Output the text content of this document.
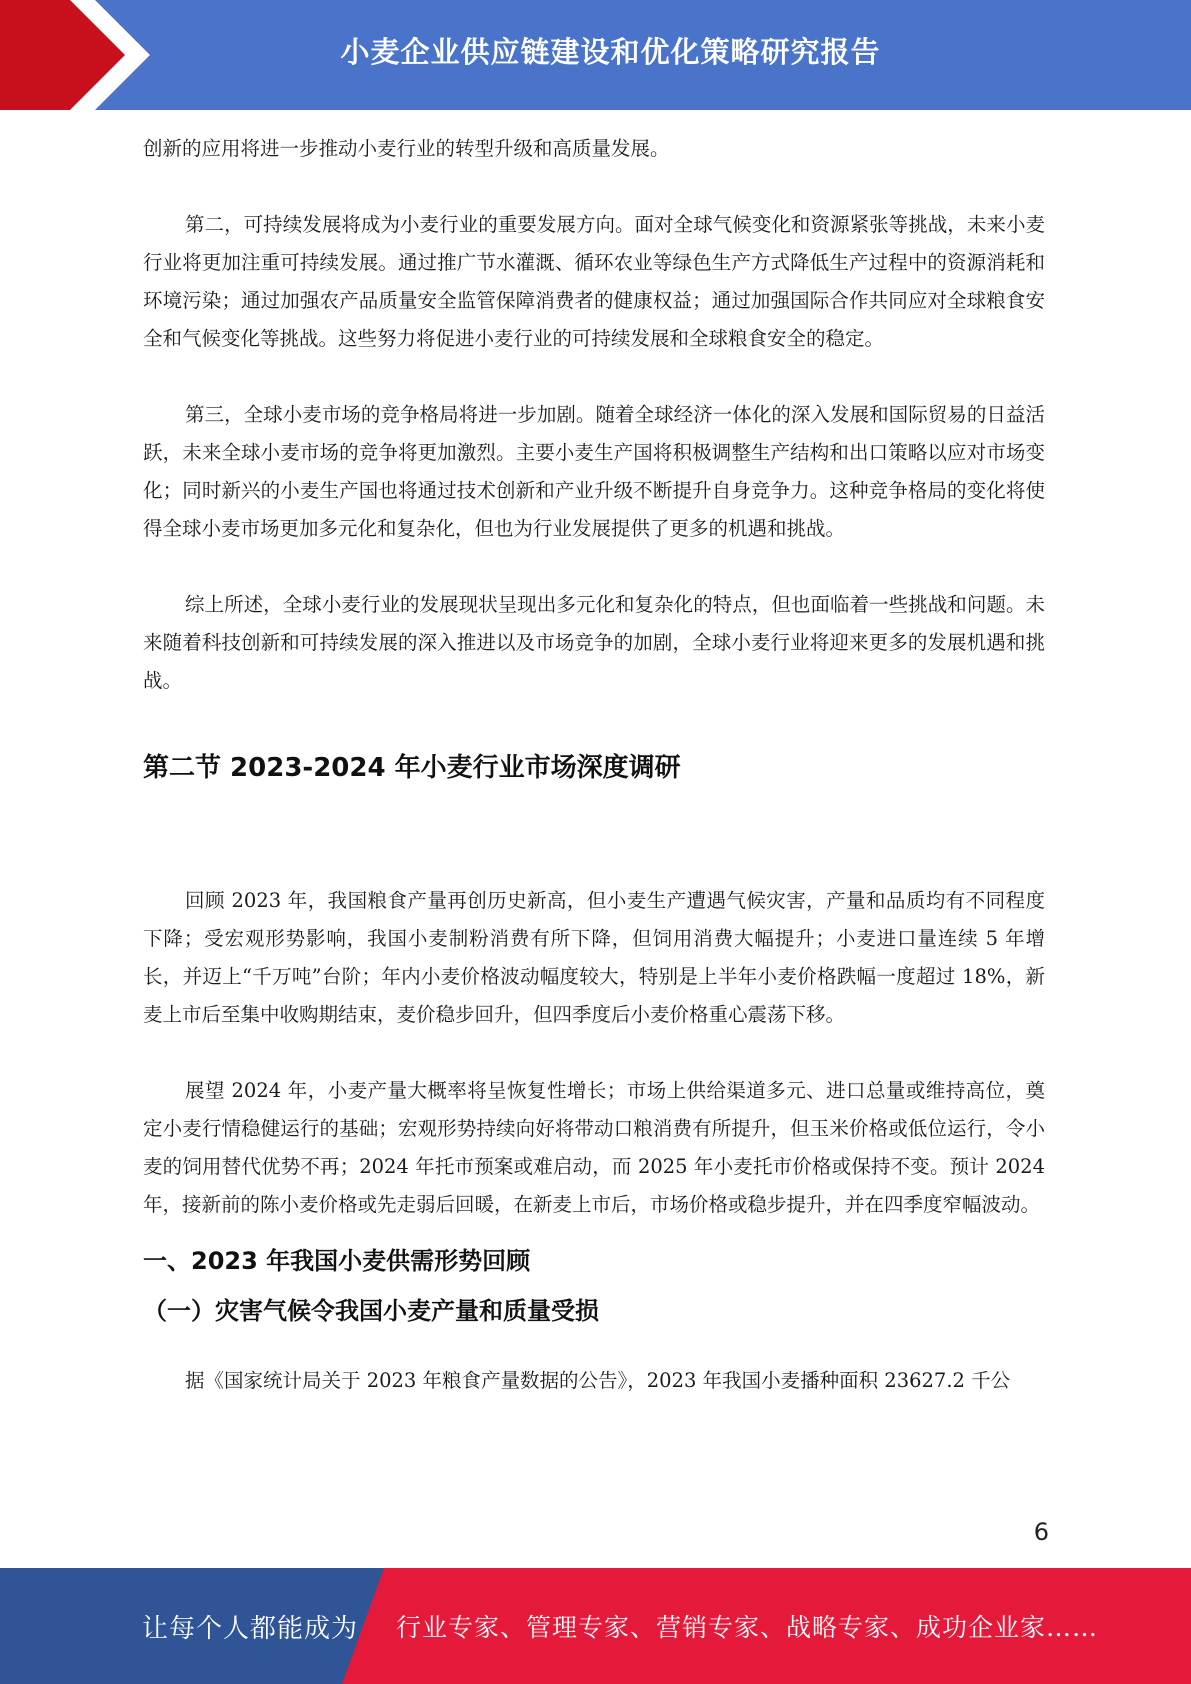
小麦企业供应链建设和优化策略研究报告

创新的应用将进一步推动小麦行业的转型升级和高质量发展。

第二，可持续发展将成为小麦行业的重要发展方向。面对全球气候变化和资源紧张等挑战，未来小麦行业将更加注重可持续发展。通过推广节水灌溉、循环农业等绿色生产方式降低生产过程中的资源消耗和环境污染；通过加强农产品质量安全监管保障消费者的健康权益；通过加强国际合作共同应对全球粮食安全和气候变化等挑战。这些努力将促进小麦行业的可持续发展和全球粮食安全的稳定。

第三，全球小麦市场的竞争格局将进一步加剧。随着全球经济一体化的深入发展和国际贸易的日益活跃，未来全球小麦市场的竞争将更加激烈。主要小麦生产国将积极调整生产结构和出口策略以应对市场变化；同时新兴的小麦生产国也将通过技术创新和产业升级不断提升自身竞争力。这种竞争格局的变化将使得全球小麦市场更加多元化和复杂化，但也为行业发展提供了更多的机遇和挑战。

综上所述，全球小麦行业的发展现状呈现出多元化和复杂化的特点，但也面临着一些挑战和问题。未来随着科技创新和可持续发展的深入推进以及市场竞争的加剧，全球小麦行业将迎来更多的发展机遇和挑战。

第二节 2023-2024 年小麦行业市场深度调研

回顾 2023 年，我国粮食产量再创历史新高，但小麦生产遭遇气候灾害，产量和品质均有不同程度下降；受宏观形势影响，我国小麦制粉消费有所下降，但饲用消费大幅提升；小麦进口量连续 5 年增长，并迈上“千万吨”台阶；年内小麦价格波动幅度较大，特别是上半年小麦价格跌幅一度超过 18%，新麦上市后至集中收购期结束，麦价稳步回升，但四季度后小麦价格重心震荡下移。

展望 2024 年，小麦产量大概率将呈恢复性增长；市场上供给渠道多元、进口总量或维持高位，奠定小麦行情稳健运行的基础；宏观形势持续向好将带动口粮消费有所提升，但玉米价格或低位运行，令小麦的饲用替代优势不再；2024 年托市预案或难启动，而 2025 年小麦托市价格或保持不变。预计 2024 年，接新前的陈小麦价格或先走弱后回暖，在新麦上市后，市场价格或稳步提升，并在四季度窄幅波动。

一、2023 年我国小麦供需形势回顾
（一）灾害气候令我国小麦产量和质量受损

据《国家统计局关于 2023 年粮食产量数据的公告》，2023 年我国小麦播种面积 23627.2 千公

6
让每个人都能成为 行业专家、管理专家、营销专家、战略专家、成功企业家……
